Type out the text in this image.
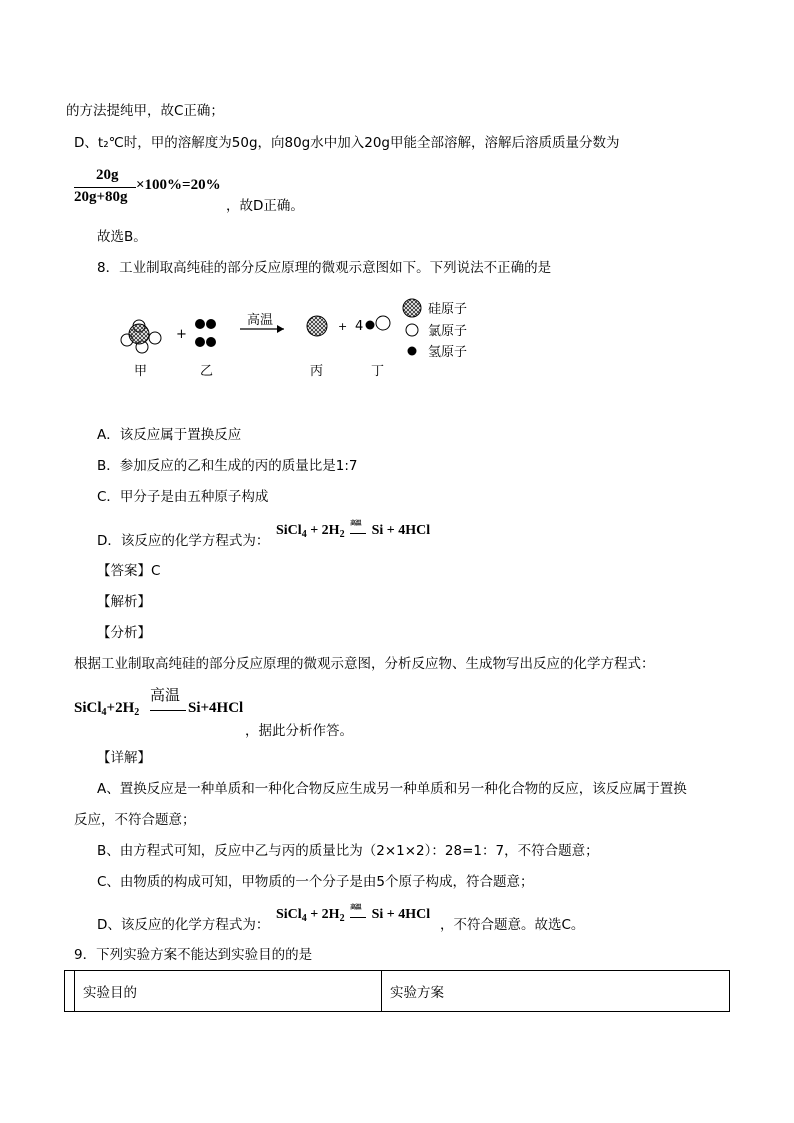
的方法提纯甲，故C正确；
D、t₂℃时，甲的溶解度为50g，向80g水中加入20g甲能全部溶解，溶解后溶质质量分数为
20g
20g+80g
×100%=20%
，故D正确。
故选B。
8．工业制取高纯硅的部分反应原理的微观示意图如下。下列说法不正确的是
+
高温	+ 4
硅原子
氯原子
氢原子
甲	乙	丙	丁
A．该反应属于置换反应
B．参加反应的乙和生成的丙的质量比是1:7
C．甲分子是由五种原子构成
D．该反应的化学方程式为：
SiCl$_4$ + $2H_2$
高温 Si + 4HCl
【答案】C
【解析】
【分析】
根据工业制取高纯硅的部分反应原理的微观示意图，分析反应物、生成物写出反应的化学方程式：
$SiCl_4+2H_2$
高温
Si+4HCl
，据此分析作答。
【详解】
A、置换反应是一种单质和一种化合物反应生成另一种单质和另一种化合物的反应，该反应属于置换
反应，不符合题意；
B、由方程式可知，反应中乙与丙的质量比为（2×1×2）：28=1：7，不符合题意；
C、由物质的构成可知，甲物质的一个分子是由5个原子构成，符合题意；
D、该反应的化学方程式为：
SiCl$_4$ + $2H_2$
高温 Si + 4HCl
，不符合题意。故选C。
9．下列实验方案不能达到实验目的的是
	实验目的	实验方案
